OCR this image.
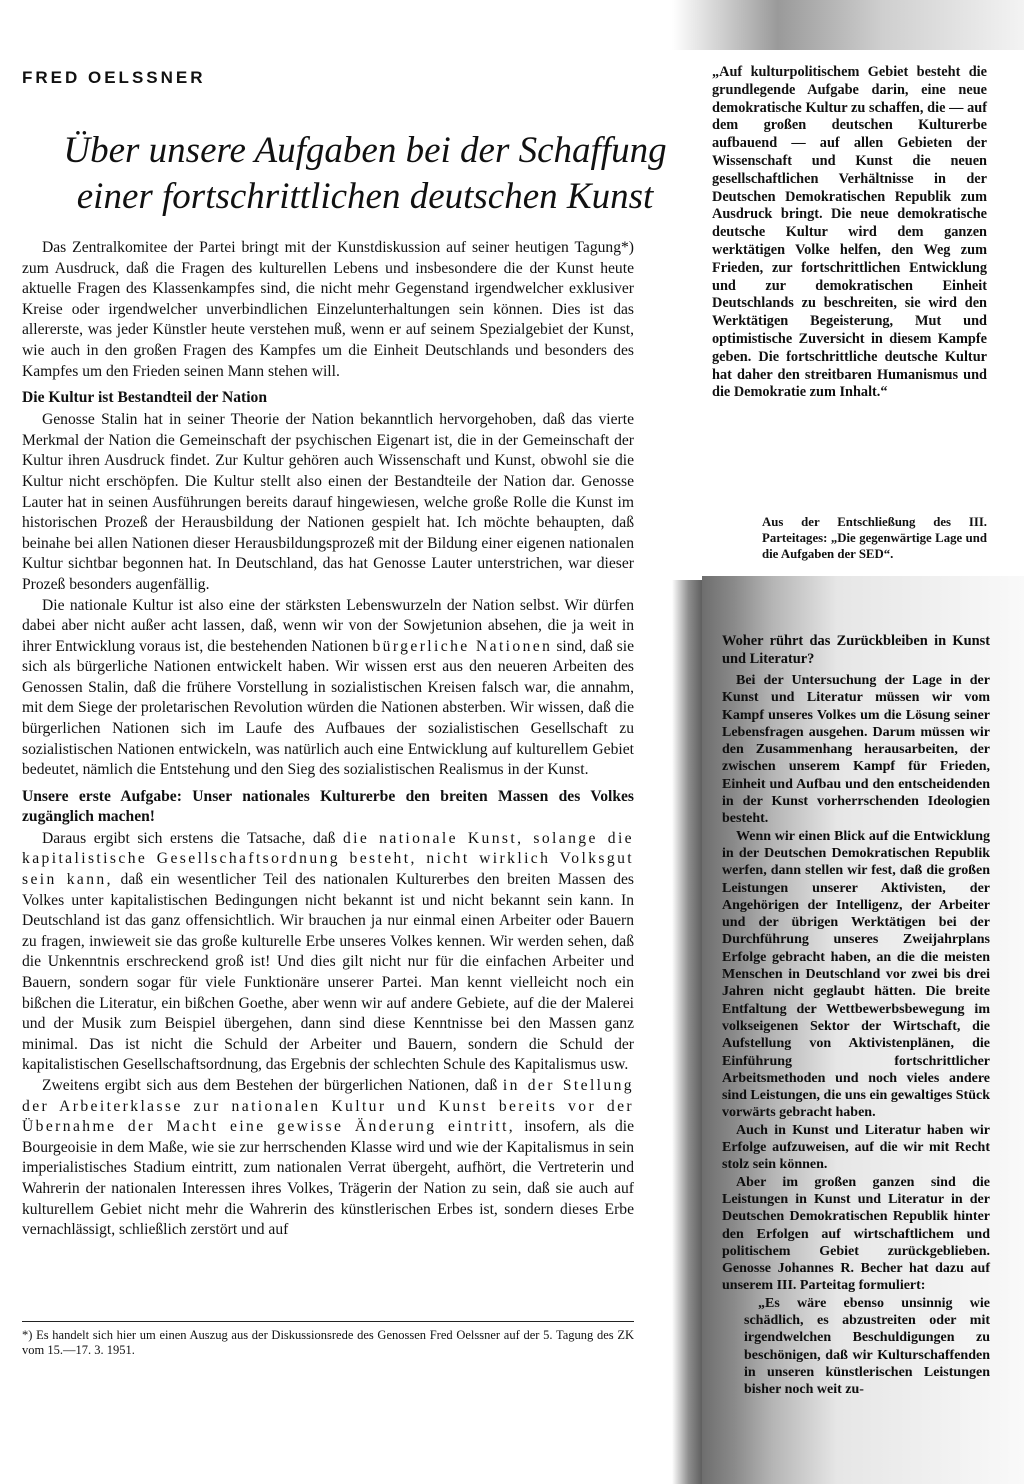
FRED OELSSNER
Über unsere Aufgaben bei der Schaffung
einer fortschrittlichen deutschen Kunst

Das Zentralkomitee der Partei bringt mit der Kunstdiskussion auf seiner heutigen Tagung*) zum Ausdruck, daß die Fragen des kulturellen Lebens und insbesondere die der Kunst heute aktuelle Fragen des Klassenkampfes sind, die nicht mehr Gegenstand irgendwelcher exklusiver Kreise oder irgendwelcher unverbindlichen Einzelunterhaltungen sein können. Dies ist das allererste, was jeder Künstler heute verstehen muß, wenn er auf seinem Spezialgebiet der Kunst, wie auch in den großen Fragen des Kampfes um die Einheit Deutschlands und besonders des Kampfes um den Frieden seinen Mann stehen will.

Die Kultur ist Bestandteil der Nation

Genosse Stalin hat in seiner Theorie der Nation bekanntlich hervorgehoben, daß das vierte Merkmal der Nation die Gemeinschaft der psychischen Eigenart ist, die in der Gemeinschaft der Kultur ihren Ausdruck findet. Zur Kultur gehören auch Wissenschaft und Kunst, obwohl sie die Kultur nicht erschöpfen. Die Kultur stellt also einen der Bestandteile der Nation dar. Genosse Lauter hat in seinen Ausführungen bereits darauf hingewiesen, welche große Rolle die Kunst im historischen Prozeß der Herausbildung der Nationen gespielt hat. Ich möchte behaupten, daß beinahe bei allen Nationen dieser Herausbildungsprozeß mit der Bildung einer eigenen nationalen Kultur sichtbar begonnen hat. In Deutschland, das hat Genosse Lauter unterstrichen, war dieser Prozeß besonders augenfällig.

Die nationale Kultur ist also eine der stärksten Lebenswurzeln der Nation selbst. Wir dürfen dabei aber nicht außer acht lassen, daß, wenn wir von der Sowjetunion absehen, die ja weit in ihrer Entwicklung voraus ist, die bestehenden Nationen bürgerliche Nationen sind, daß sie sich als bürgerliche Nationen entwickelt haben. Wir wissen erst aus den neueren Arbeiten des Genossen Stalin, daß die frühere Vorstellung in sozialistischen Kreisen falsch war, die annahm, mit dem Siege der proletarischen Revolution würden die Nationen absterben. Wir wissen, daß die bürgerlichen Nationen sich im Laufe des Aufbaues der sozialistischen Gesellschaft zu sozialistischen Nationen entwickeln, was natürlich auch eine Entwicklung auf kulturellem Gebiet bedeutet, nämlich die Entstehung und den Sieg des sozialistischen Realismus in der Kunst.

Unsere erste Aufgabe: Unser nationales Kulturerbe den breiten Massen des Volkes zugänglich machen!

Daraus ergibt sich erstens die Tatsache, daß die nationale Kunst, solange die kapitalistische Gesellschaftsordnung besteht, nicht wirklich Volksgut sein kann, daß ein wesentlicher Teil des nationalen Kulturerbes den breiten Massen des Volkes unter kapitalistischen Bedingungen nicht bekannt ist und nicht bekannt sein kann. In Deutschland ist das ganz offensichtlich. Wir brauchen ja nur einmal einen Arbeiter oder Bauern zu fragen, inwieweit sie das große kulturelle Erbe unseres Volkes kennen. Wir werden sehen, daß die Unkenntnis erschreckend groß ist! Und dies gilt nicht nur für die einfachen Arbeiter und Bauern, sondern sogar für viele Funktionäre unserer Partei. Man kennt vielleicht noch ein bißchen die Literatur, ein bißchen Goethe, aber wenn wir auf andere Gebiete, auf die der Malerei und der Musik zum Beispiel übergehen, dann sind diese Kenntnisse bei den Massen ganz minimal. Das ist nicht die Schuld der Arbeiter und Bauern, sondern die Schuld der kapitalistischen Gesellschaftsordnung, das Ergebnis der schlechten Schule des Kapitalismus usw.

Zweitens ergibt sich aus dem Bestehen der bürgerlichen Nationen, daß in der Stellung der Arbeiterklasse zur nationalen Kultur und Kunst bereits vor der Übernahme der Macht eine gewisse Änderung eintritt, insofern, als die Bourgeoisie in dem Maße, wie sie zur herrschenden Klasse wird und wie der Kapitalismus in sein imperialistisches Stadium eintritt, zum nationalen Verrat übergeht, aufhört, die Vertreterin und Wahrerin der nationalen Interessen ihres Volkes, Trägerin der Nation zu sein, daß sie auch auf kulturellem Gebiet nicht mehr die Wahrerin des künstlerischen Erbes ist, sondern dieses Erbe vernachlässigt, schließlich zerstört und auf

*) Es handelt sich hier um einen Auszug aus der Diskussionsrede des Genossen Fred Oelssner auf der 5. Tagung des ZK vom 15.—17. 3. 1951.

„Auf kulturpolitischem Gebiet besteht die grundlegende Aufgabe darin, eine neue demokratische Kultur zu schaffen, die — auf dem großen deutschen Kulturerbe aufbauend — auf allen Gebieten der Wissenschaft und Kunst die neuen gesellschaftlichen Verhältnisse in der Deutschen Demokratischen Republik zum Ausdruck bringt. Die neue demokratische deutsche Kultur wird dem ganzen werktätigen Volke helfen, den Weg zum Frieden, zur fortschrittlichen Entwicklung und zur demokratischen Einheit Deutschlands zu beschreiten, sie wird den Werktätigen Begeisterung, Mut und optimistische Zuversicht in diesem Kampfe geben. Die fortschrittliche deutsche Kultur hat daher den streitbaren Humanismus und die Demokratie zum Inhalt.“
Aus der Entschließung des III. Parteitages: „Die gegenwärtige Lage und die Aufgaben der SED“.
Woher rührt das Zurückbleiben in Kunst und Literatur?

Bei der Untersuchung der Lage in der Kunst und Literatur müssen wir vom Kampf unseres Volkes um die Lösung seiner Lebensfragen ausgehen. Darum müssen wir den Zusammenhang herausarbeiten, der zwischen unserem Kampf für Frieden, Einheit und Aufbau und den entscheidenden in der Kunst vorherrschenden Ideologien besteht.

Wenn wir einen Blick auf die Entwicklung in der Deutschen Demokratischen Republik werfen, dann stellen wir fest, daß die großen Leistungen unserer Aktivisten, der Angehörigen der Intelligenz, der Arbeiter und der übrigen Werktätigen bei der Durchführung unseres Zweijahrplans Erfolge gebracht haben, an die die meisten Menschen in Deutschland vor zwei bis drei Jahren nicht geglaubt hätten. Die breite Entfaltung der Wettbewerbsbewegung im volkseigenen Sektor der Wirtschaft, die Aufstellung von Aktivistenplänen, die Einführung fortschrittlicher Arbeitsmethoden und noch vieles andere sind Leistungen, die uns ein gewaltiges Stück vorwärts gebracht haben.

Auch in Kunst und Literatur haben wir Erfolge aufzuweisen, auf die wir mit Recht stolz sein können.

Aber im großen ganzen sind die Leistungen in Kunst und Literatur in der Deutschen Demokratischen Republik hinter den Erfolgen auf wirtschaftlichem und politischem Gebiet zurückgeblieben. Genosse Johannes R. Becher hat dazu auf unserem III. Parteitag formuliert:

„Es wäre ebenso unsinnig wie schädlich, es abzustreiten oder mit irgendwelchen Beschuldigungen zu beschönigen, daß wir Kulturschaffenden in unseren künstlerischen Leistungen bisher noch weit zu-
